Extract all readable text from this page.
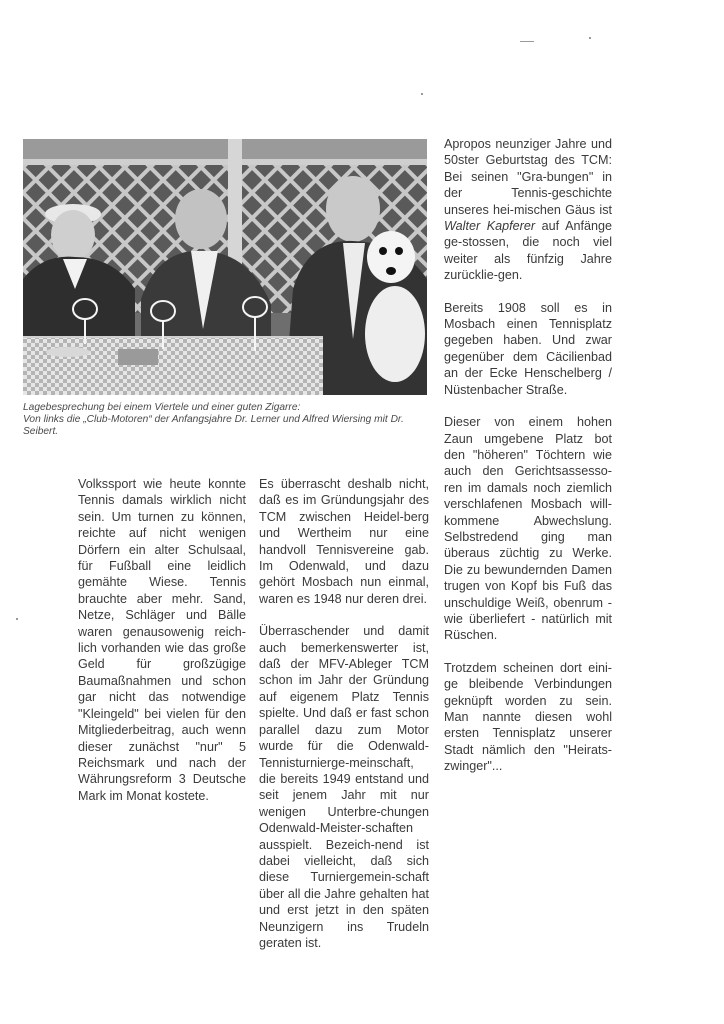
Lagebesprechung bei einem Viertele und einer guten Zigarre:

Von links die „Club-Motoren“ der Anfangsjahre Dr. Lerner und Alfred Wiersing mit Dr. Seibert.

Apropos neunziger Jahre und 50ster Geburtstag des TCM: Bei seinen "Gra-bungen" in der Tennis-geschichte unseres hei-mischen Gäus ist Walter Kapferer auf Anfänge ge-stossen, die noch viel weiter als fünfzig Jahre zurücklie-gen.

Bereits 1908 soll es in Mosbach einen Tennisplatz gegeben haben. Und zwar gegenüber dem Cäcilienbad an der Ecke Henschelberg / Nüstenbacher Straße.

Dieser von einem hohen Zaun umgebene Platz bot den "höheren" Töchtern wie auch den Gerichtsassesso-ren im damals noch ziemlich verschlafenen Mosbach will-kommene Abwechslung. Selbstredend ging man überaus züchtig zu Werke. Die zu bewundernden Damen trugen von Kopf bis Fuß das unschuldige Weiß, obenrum - wie überliefert - natürlich mit Rüschen.

Trotzdem scheinen dort eini-ge bleibende Verbindungen geknüpft worden zu sein. Man nannte diesen wohl ersten Tennisplatz unserer Stadt nämlich den "Heirats-zwinger"...

Volkssport wie heute konnte Tennis damals wirklich nicht sein. Um turnen zu können, reichte auf nicht wenigen Dörfern ein alter Schulsaal, für Fußball eine leidlich gemähte Wiese. Tennis brauchte aber mehr. Sand, Netze, Schläger und Bälle waren genausowenig reich-lich vorhanden wie das große Geld für großzügige Baumaßnahmen und schon gar nicht das notwendige "Kleingeld" bei vielen für den Mitgliederbeitrag, auch wenn dieser zunächst "nur" 5 Reichsmark und nach der Währungsreform 3 Deutsche Mark im Monat kostete.

Es überrascht deshalb nicht, daß es im Gründungsjahr des TCM zwischen Heidel-berg und Wertheim nur eine handvoll Tennisvereine gab. Im Odenwald, und dazu gehört Mosbach nun einmal, waren es 1948 nur deren drei.

Überraschender und damit auch bemerkenswerter ist, daß der MFV-Ableger TCM schon im Jahr der Gründung auf eigenem Platz Tennis spielte. Und daß er fast schon parallel dazu zum Motor wurde für die Odenwald-Tennisturnierge-meinschaft, die bereits 1949 entstand und seit jenem Jahr mit nur wenigen Unterbre-chungen Odenwald-Meister-schaften ausspielt. Bezeich-nend ist dabei vielleicht, daß sich diese Turniergemein-schaft über all die Jahre gehalten hat und erst jetzt in den späten Neunzigern ins Trudeln geraten ist.
